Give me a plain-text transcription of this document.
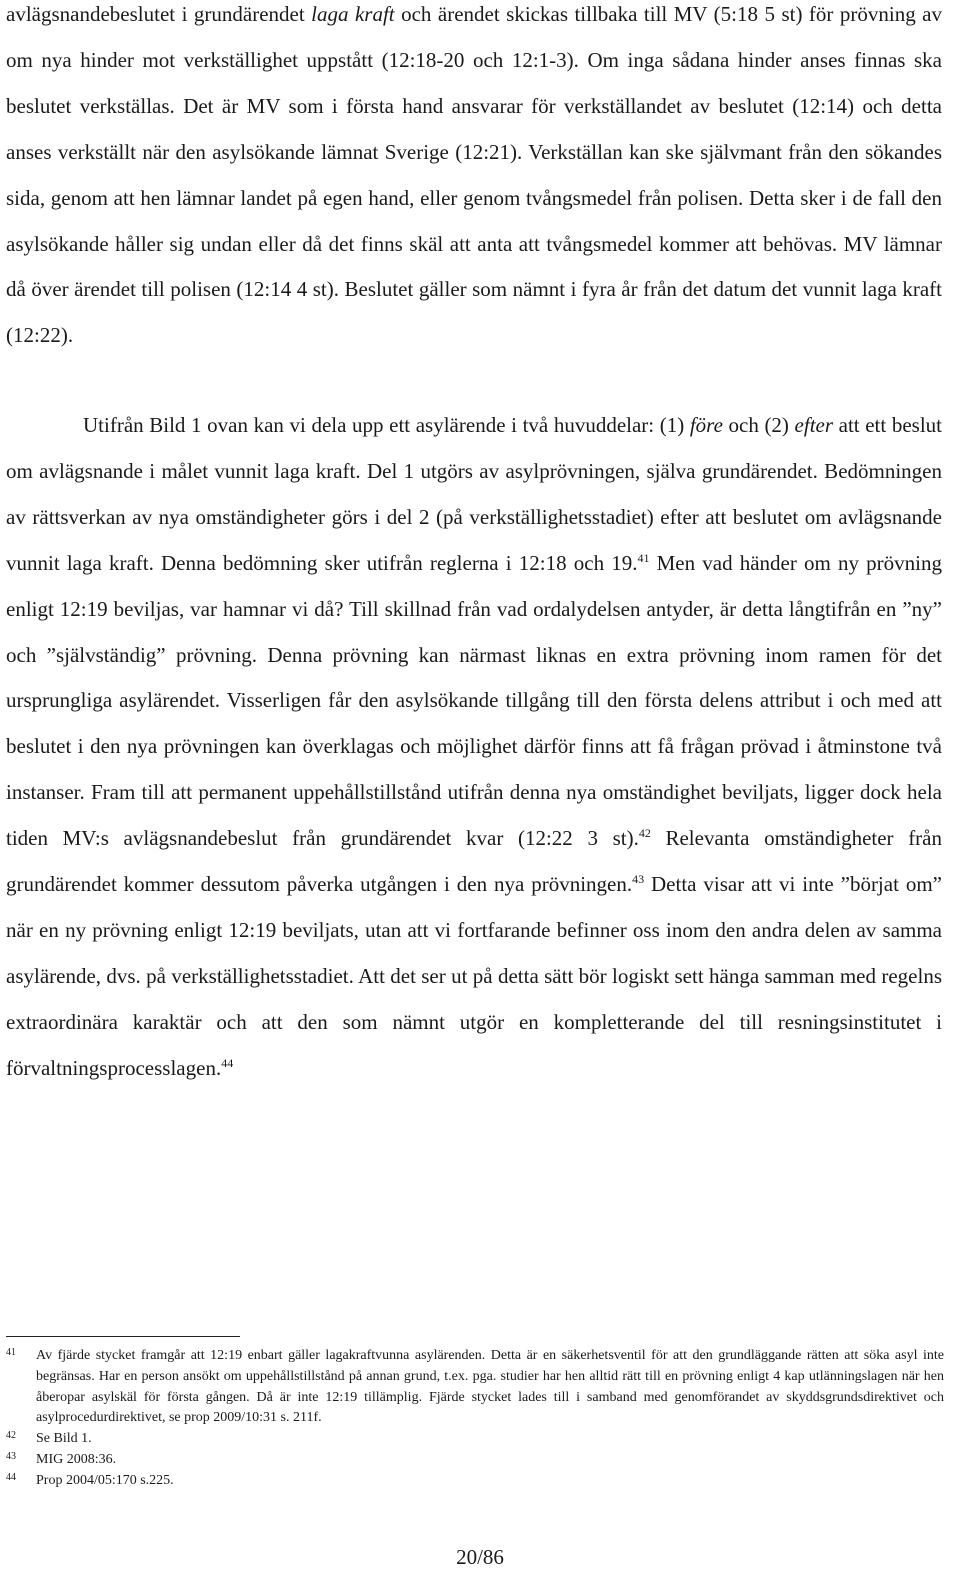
avlägsnandebeslutet i grundärendet laga kraft och ärendet skickas tillbaka till MV (5:18 5 st) för prövning av om nya hinder mot verkställighet uppstått (12:18-20 och 12:1-3). Om inga sådana hinder anses finnas ska beslutet verkställas. Det är MV som i första hand ansvarar för verkställandet av beslutet (12:14) och detta anses verkställt när den asylsökande lämnat Sverige (12:21). Verkställan kan ske självmant från den sökandes sida, genom att hen lämnar landet på egen hand, eller genom tvångsmedel från polisen. Detta sker i de fall den asylsökande håller sig undan eller då det finns skäl att anta att tvångsmedel kommer att behövas. MV lämnar då över ärendet till polisen (12:14 4 st). Beslutet gäller som nämnt i fyra år från det datum det vunnit laga kraft (12:22).

Utifrån Bild 1 ovan kan vi dela upp ett asylärende i två huvuddelar: (1) före och (2) efter att ett beslut om avlägsnande i målet vunnit laga kraft. Del 1 utgörs av asylprövningen, själva grundärendet. Bedömningen av rättsverkan av nya omständigheter görs i del 2 (på verkställighetsstadiet) efter att beslutet om avlägsnande vunnit laga kraft. Denna bedömning sker utifrån reglerna i 12:18 och 19.41 Men vad händer om ny prövning enligt 12:19 beviljas, var hamnar vi då? Till skillnad från vad ordalydelsen antyder, är detta långtifrån en ”ny” och ”självständig” prövning. Denna prövning kan närmast liknas en extra prövning inom ramen för det ursprungliga asylärendet. Visserligen får den asylsökande tillgång till den första delens attribut i och med att beslutet i den nya prövningen kan överklagas och möjlighet därför finns att få frågan prövad i åtminstone två instanser. Fram till att permanent uppehållstillstånd utifrån denna nya omständighet beviljats, ligger dock hela tiden MV:s avlägsnandebeslut från grundärendet kvar (12:22 3 st).$^{42}$ Relevanta omständigheter från grundärendet kommer dessutom påverka utgången i den nya prövningen.$^{43}$ Detta visar att vi inte ”börjat om” när en ny prövning enligt 12:19 beviljats, utan att vi fortfarande befinner oss inom den andra delen av samma asylärende, dvs. på verkställighetsstadiet. Att det ser ut på detta sätt bör logiskt sett hänga samman med regelns extraordinära karaktär och att den som nämnt utgör en kompletterande del till resningsinstitutet i förvaltningsprocesslagen.$^{44}$

41 Av fjärde stycket framgår att 12:19 enbart gäller lagakraftvunna asylärenden. Detta är en säkerhetsventil för att den grundläggande rätten att söka asyl inte begränsas. Har en person ansökt om uppehållstillstånd på annan grund, t.ex. pga. studier har hen alltid rätt till en prövning enligt 4 kap utlänningslagen när hen åberopar asylskäl för första gången. Då är inte 12:19 tillämplig. Fjärde stycket lades till i samband med genomförandet av skyddsgrundsdirektivet och asylprocedurdirektivet, se prop 2009/10:31 s. 211f.
42 Se Bild 1.
43 MIG 2008:36.
44 Prop 2004/05:170 s.225.
20/86
